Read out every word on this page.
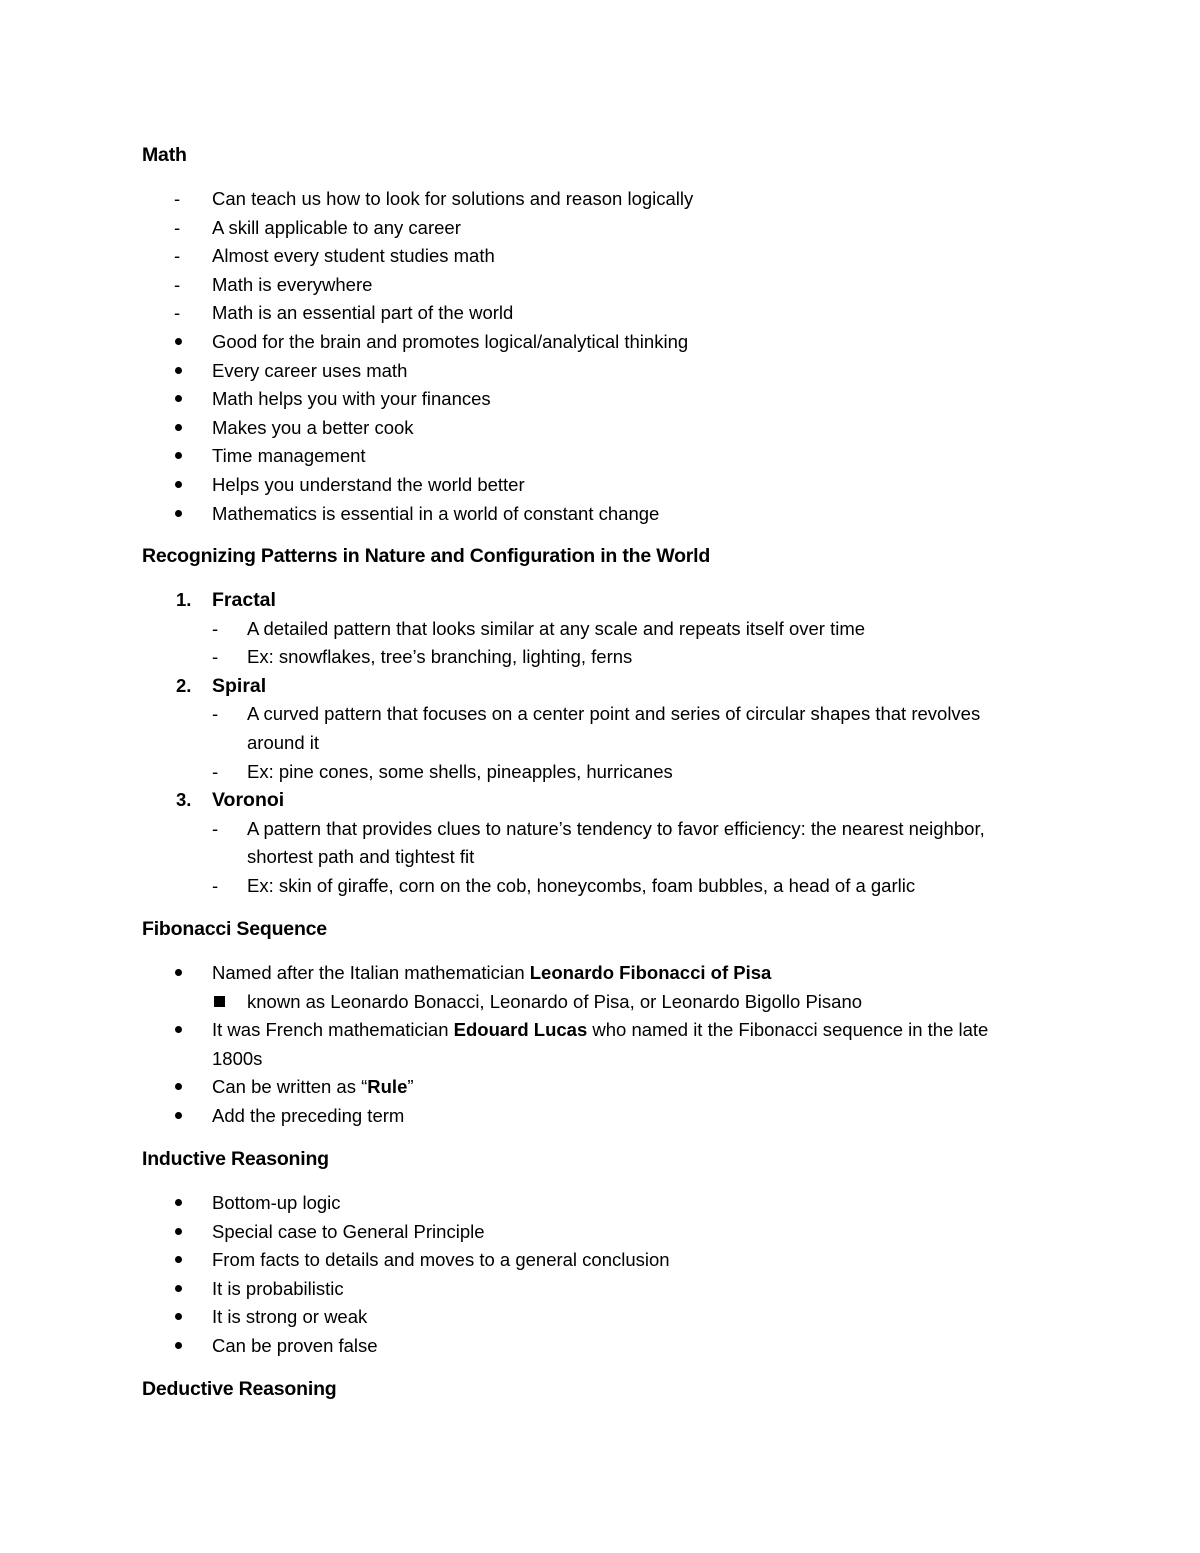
Math
- Can teach us how to look for solutions and reason logically
- A skill applicable to any career
- Almost every student studies math
- Math is everywhere
- Math is an essential part of the world
Good for the brain and promotes logical/analytical thinking
Every career uses math
Math helps you with your finances
Makes you a better cook
Time management
Helps you understand the world better
Mathematics is essential in a world of constant change
Recognizing Patterns in Nature and Configuration in the World
1. Fractal
- A detailed pattern that looks similar at any scale and repeats itself over time
- Ex: snowflakes, tree’s branching, lighting, ferns
2. Spiral
- A curved pattern that focuses on a center point and series of circular shapes that revolves around it
- Ex: pine cones, some shells, pineapples, hurricanes
3. Voronoi
- A pattern that provides clues to nature’s tendency to favor efficiency: the nearest neighbor, shortest path and tightest fit
- Ex: skin of giraffe, corn on the cob, honeycombs, foam bubbles, a head of a garlic
Fibonacci Sequence
Named after the Italian mathematician Leonardo Fibonacci of Pisa
known as Leonardo Bonacci, Leonardo of Pisa, or Leonardo Bigollo Pisano
It was French mathematician Edouard Lucas who named it the Fibonacci sequence in the late 1800s
Can be written as “Rule”
Add the preceding term
Inductive Reasoning
Bottom-up logic
Special case to General Principle
From facts to details and moves to a general conclusion
It is probabilistic
It is strong or weak
Can be proven false
Deductive Reasoning
